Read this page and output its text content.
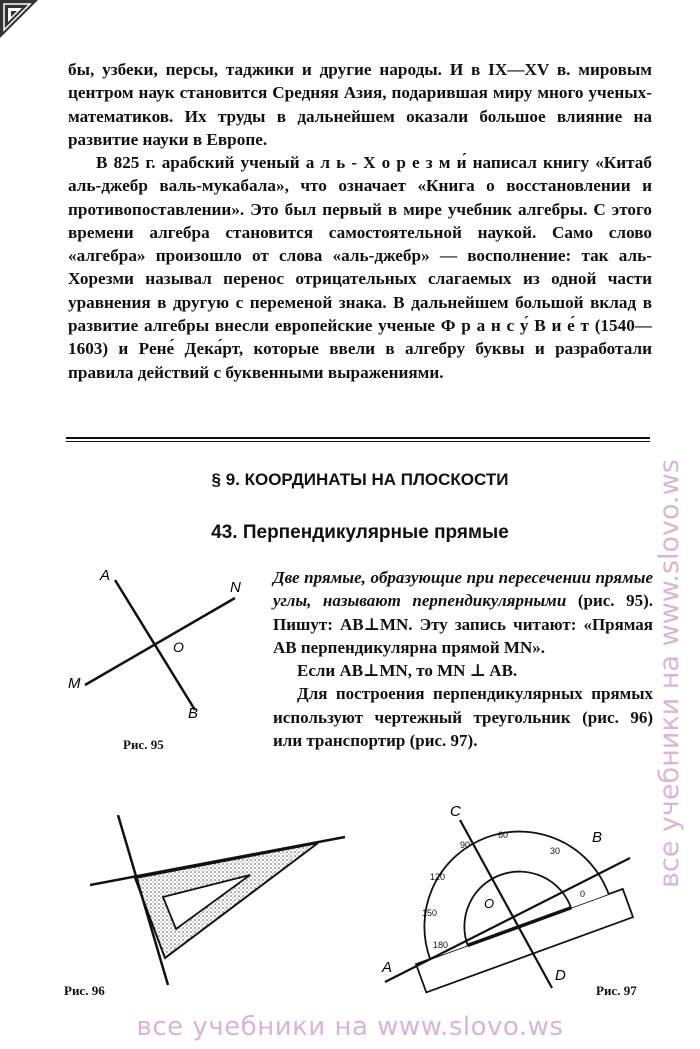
бы, узбеки, персы, таджики и другие народы. И в IX—XV в. мировым центром наук становится Средняя Азия, подарившая миру много ученых-математиков. Их труды в дальнейшем оказали большое влияние на развитие науки в Европе.

В 825 г. арабский ученый а л ь - Х о р е з м и́ написал книгу «Китаб аль-джебр валь-мукабала», что означает «Книга о восстановлении и противопоставлении». Это был первый в мире учебник алгебры. С этого времени алгебра становится самостоятельной наукой. Само слово «алгебра» произошло от слова «аль-джебр» — восполнение: так аль-Хорезми называл перенос отрицательных слагаемых из одной части уравнения в другую с переменой знака. В дальнейшем большой вклад в развитие алгебры внесли европейские ученые Ф р а н с у́ В и е́ т (1540—1603) и Рене́ Дека́рт, которые ввели в алгебру буквы и разработали правила действий с буквенными выражениями.

§ 9. КООРДИНАТЫ НА ПЛОСКОСТИ
43. Перпендикулярные прямые
Две прямые, образующие при пересечении прямые углы, называют перпендикулярными (рис. 95). Пишут: AB⊥MN. Эту запись читают: «Прямая AB перпендикулярна прямой MN».
Если AB⊥MN, то MN ⊥ AB.
Для построения перпендикулярных прямых используют чертежный треугольник (рис. 96) или транспортир (рис. 97).
A
N
O
M
B
Рис. 95
Рис. 96
0
30
60
90
120
150
180
C
B
O
A	D
Рис. 97
все учебники на www.slovo.ws
все учебники на www.slovo.ws
